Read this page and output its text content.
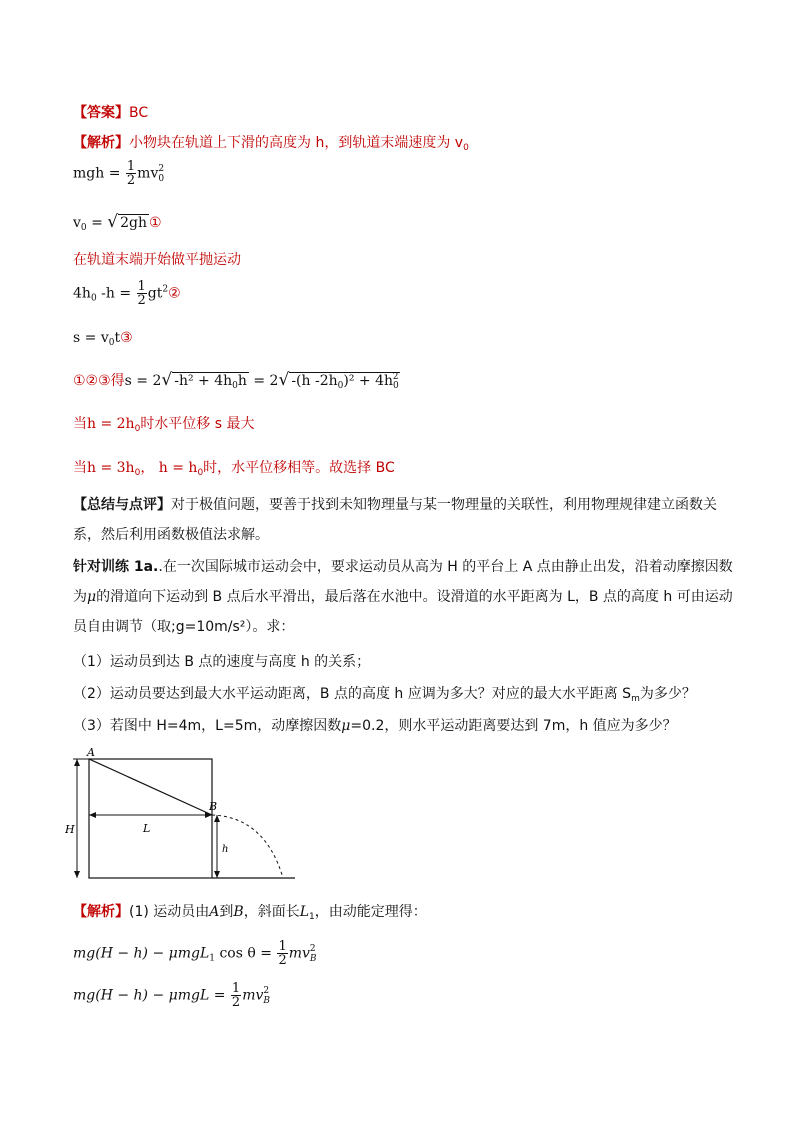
【答案】BC
【解析】小物块在轨道上下滑的高度为 h，到轨道末端速度为 $v_0$
mgh = $\frac{1}{2}$ mv 2
0
$v_0$ = √ 2gh ①
在轨道末端开始做平抛运动
$4h_0$ $-h = \frac{1}{2}$ $gt^2②$
$s = v_0t③$
①②③得s = 2√ $-h^2 + 4h_0h = 2√$ -(h $-2h_0)^2 + 4h_0^2$
当$h = 2h_0$时水平位移 s 最大
当$h = 3h_0$， $h = h_0$时，水平位移相等。故选择 BC
【总结与点评】对于极值问题，要善于找到未知物理量与某一物理量的关联性，利用物理规律建立函数关系，然后利用函数极值法求解。
针对训练 1a..在一次国际城市运动会中，要求运动员从高为 H 的平台上 A 点由静止出发，沿着动摩擦因数为μ的滑道向下运动到 B 点后水平滑出，最后落在水池中。设滑道的水平距离为 L，B 点的高度 h 可由运动员自由调节（取;g=10m/s²）。求：
（1）运动员到达 B 点的速度与高度 h 的关系；
（2）运动员要达到最大水平运动距离，B 点的高度 h 应调为多大？对应的最大水平距离 $S_m$为多少？
（3）若图中 H=4m，L=5m，动摩擦因数μ=0.2，则水平运动距离要达到 7m，h 值应为多少？
A
B
H	L
h
【解析】(1) 运动员由A到B，斜面长$L_1$，由动能定理得：
mg(H − h) − μmgL$_1$ $\cos \theta = \frac{1}{2}$ mv 2
B
$mg(H - h) - \mu mgL = \frac{1}{2}$ mv 2
B
